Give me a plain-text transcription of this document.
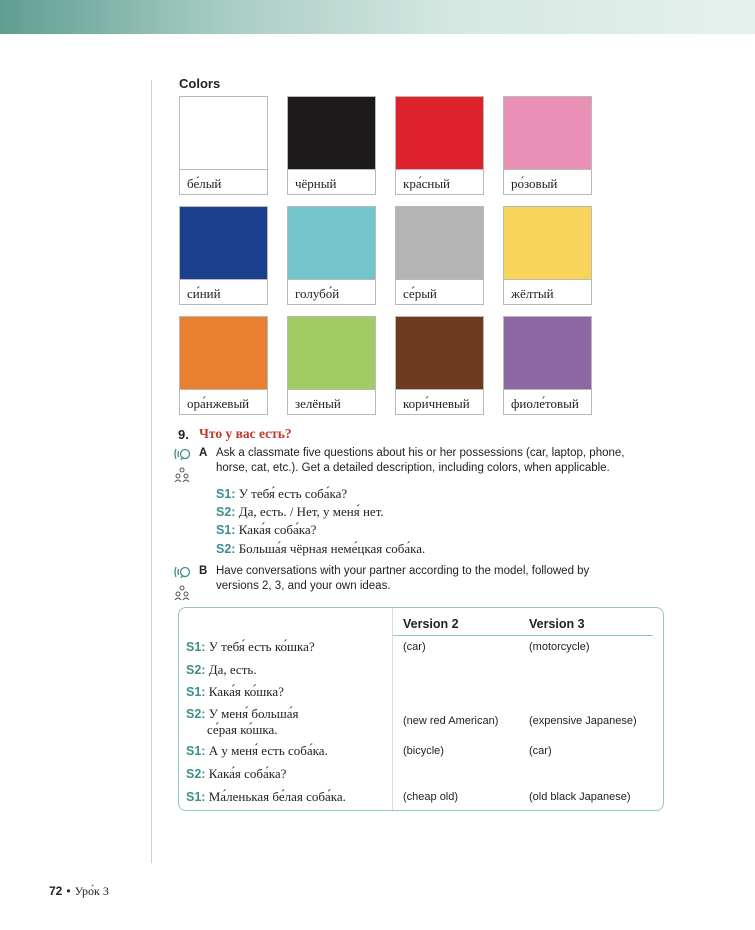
Colors
бе́лый	чёрный	кра́сный	ро́зовый
си́ний	голубо́й	се́рый	жёлтый
ора́нжевый	зелёный	кори́чневый	фиоле́товый
9. Что у вас есть?
A Ask a classmate five questions about his or her possessions (car, laptop, phone,
horse, cat, etc.). Get a detailed description, including colors, when applicable.
S1: У тебя́ есть соба́ка?
S2: Да, есть. / Нет, у меня́ нет.
S1: Кака́я соба́ка?
S2: Больша́я чёрная неме́цкая соба́ка.
B Have conversations with your partner according to the model, followed by
versions 2, 3, and your own ideas.
Version 2	Version 3
S1: У тебя́ есть ко́шка?	(car)	(motorcycle)
S2: Да, есть.
S1: Кака́я ко́шка?
S2: У меня́ больша́я
се́рая ко́шка.
(new red American)	(expensive Japanese)
S1: А у меня́ есть соба́ка.	(bicycle)	(car)
S2: Кака́я соба́ка?
S1: Ма́ленькая бе́лая соба́ка.	(cheap old)	(old black Japanese)
72 • Уро́к 3
